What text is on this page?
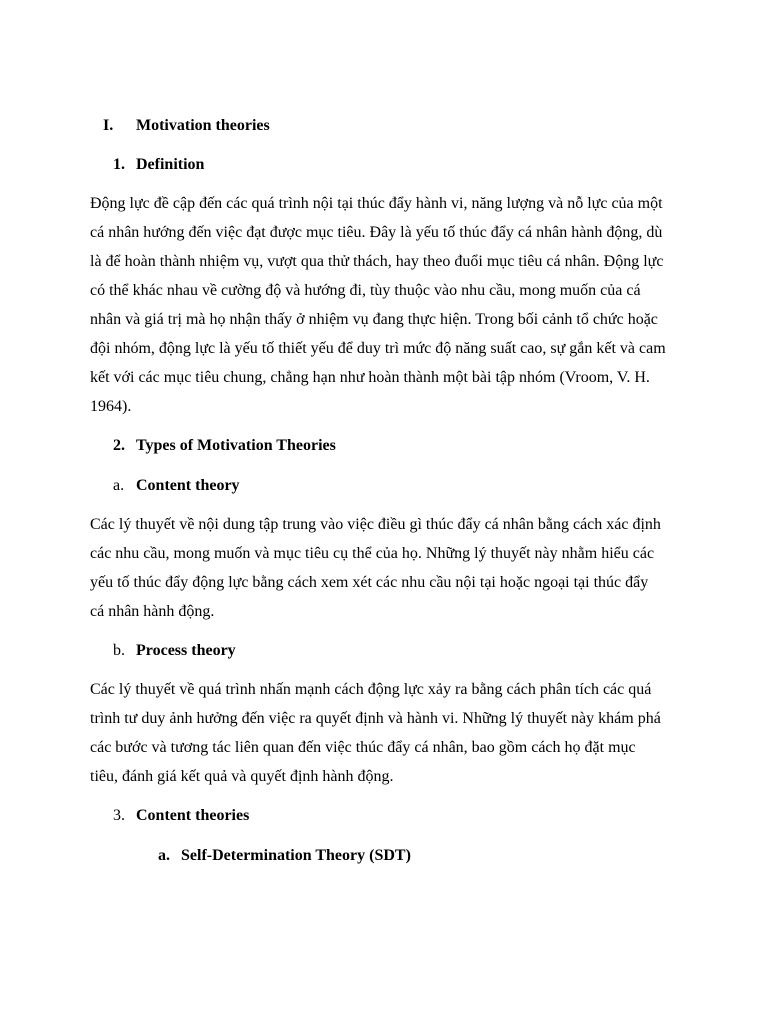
I. Motivation theories
1. Definition
Động lực đề cập đến các quá trình nội tại thúc đẩy hành vi, năng lượng và nỗ lực của một
cá nhân hướng đến việc đạt được mục tiêu. Đây là yếu tố thúc đẩy cá nhân hành động, dù
là để hoàn thành nhiệm vụ, vượt qua thử thách, hay theo đuổi mục tiêu cá nhân. Động lực
có thể khác nhau về cường độ và hướng đi, tùy thuộc vào nhu cầu, mong muốn của cá
nhân và giá trị mà họ nhận thấy ở nhiệm vụ đang thực hiện. Trong bối cảnh tổ chức hoặc
đội nhóm, động lực là yếu tố thiết yếu để duy trì mức độ năng suất cao, sự gắn kết và cam
kết với các mục tiêu chung, chẳng hạn như hoàn thành một bài tập nhóm (Vroom, V. H.
1964).
2. Types of Motivation Theories
a. Content theory
Các lý thuyết về nội dung tập trung vào việc điều gì thúc đẩy cá nhân bằng cách xác định
các nhu cầu, mong muốn và mục tiêu cụ thể của họ. Những lý thuyết này nhằm hiểu các
yếu tố thúc đẩy động lực bằng cách xem xét các nhu cầu nội tại hoặc ngoại tại thúc đẩy
cá nhân hành động.
b. Process theory
Các lý thuyết về quá trình nhấn mạnh cách động lực xảy ra bằng cách phân tích các quá
trình tư duy ảnh hưởng đến việc ra quyết định và hành vi. Những lý thuyết này khám phá
các bước và tương tác liên quan đến việc thúc đẩy cá nhân, bao gồm cách họ đặt mục
tiêu, đánh giá kết quả và quyết định hành động.
3. Content theories
a. Self-Determination Theory (SDT)
